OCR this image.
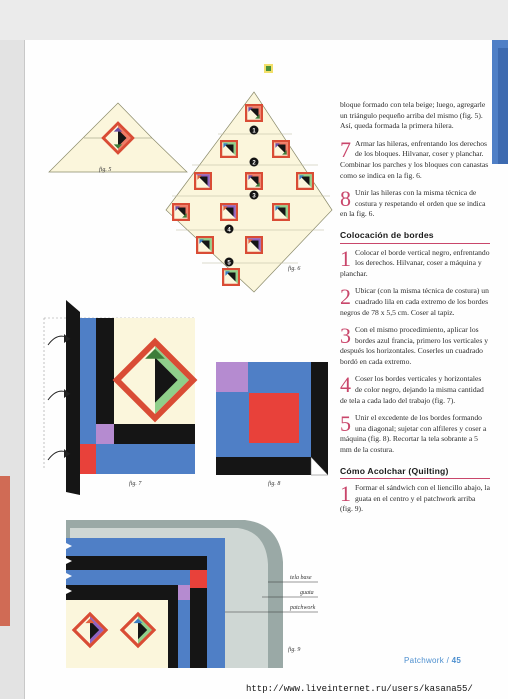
1
2
3
4
5
fig. 5
fig. 6
fig. 7	fig. 8
fig. 9
tela base
guata
patchwork

bloque formado con tela beige; luego, agregarle un triángulo pequeño arriba del mismo (fig. 5). Así, queda formada la primera hilera.

7 Armar las hileras, enfrentando los derechos de los bloques. Hilvanar, coser y planchar. Combinar los parches y los bloques con canastas como se indica en la fig. 6.

8 Unir las hileras con la misma técnica de costura y respetando el orden que se indica en la fig. 6.

Colocación de bordes

1 Colocar el borde vertical negro, enfrentando los derechos. Hilvanar, coser a máquina y planchar.

2 Ubicar (con la misma técnica de costura) un cuadrado lila en cada extremo de los bordes negros de 78 x 5,5 cm. Coser al tapiz.

3 Con el mismo procedimiento, aplicar los bordes azul francia, primero los verticales y después los horizontales. Coserles un cuadrado bordó en cada extremo.

4 Coser los bordes verticales y horizontales de color negro, dejando la misma cantidad de tela a cada lado del trabajo (fig. 7).

5 Unir el excedente de los bordes formando una diagonal; sujetar con alfileres y coser a máquina (fig. 8). Recortar la tela sobrante a 5 mm de la costura.

Cómo Acolchar (Quilting)

1 Formar el sándwich con el liencillo abajo, la guata en el centro y el patchwork arriba (fig. 9).

Patchwork / 45
http://www.liveinternet.ru/users/kasana55/
